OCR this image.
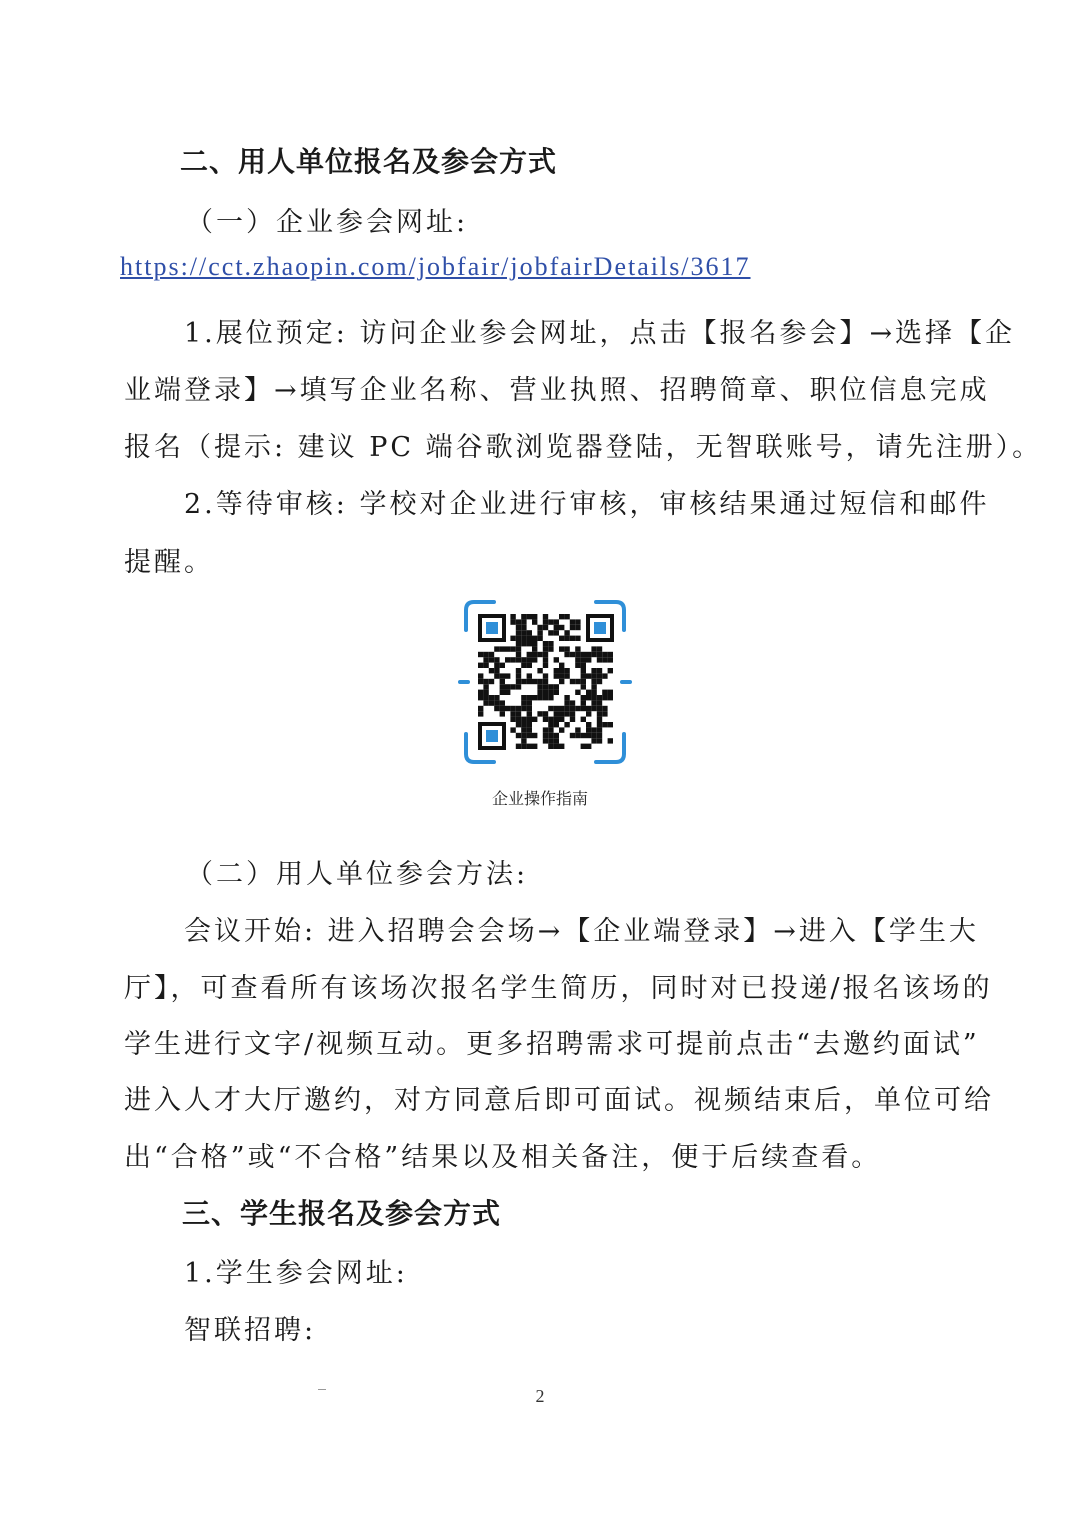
二、用人单位报名及参会方式
（一）企业参会网址:
https://cct.zhaopin.com/jobfair/jobfairDetails/3617
1.展位预定: 访问企业参会网址，点击【报名参会】→选择【企
业端登录】→填写企业名称、营业执照、招聘简章、职位信息完成
报名（提示: 建议 PC 端谷歌浏览器登陆，无智联账号，请先注册）。
2.等待审核: 学校对企业进行审核，审核结果通过短信和邮件
提醒。
企业操作指南
（二）用人单位参会方法:
会议开始: 进入招聘会会场→【企业端登录】→进入【学生大
厅】，可查看所有该场次报名学生简历，同时对已投递/报名该场的
学生进行文字/视频互动。更多招聘需求可提前点击“去邀约面试”
进入人才大厅邀约，对方同意后即可面试。视频结束后，单位可给
出“合格”或“不合格”结果以及相关备注，便于后续查看。
三、学生报名及参会方式
1.学生参会网址:
智联招聘:
2
